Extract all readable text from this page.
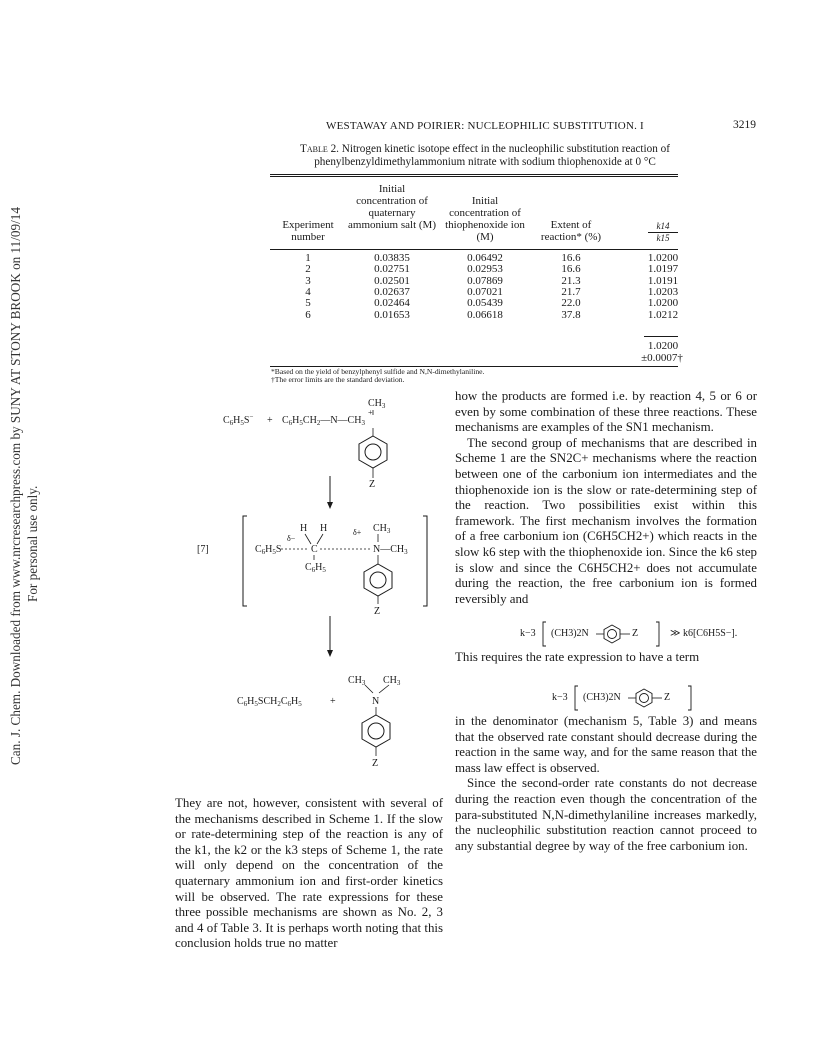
Can. J. Chem. Downloaded from www.nrcresearchpress.com by SUNY AT STONY BROOK on 11/09/14 For personal use only.
WESTAWAY AND POIRIER: NUCLEOPHILIC SUBSTITUTION. I	3219
Table 2. Nitrogen kinetic isotope effect in the nucleophilic substitution reaction of phenylbenzyldimethylammonium nitrate with sodium thiophenoxide at 0 °C
Experiment number
Initial concentration of quaternary ammonium salt (M)
Initial concentration of thiophenoxide ion (M)
Extent of reaction* (%)
k14
k15
1	0.03835	0.06492	16.6	1.0200
2	0.02751	0.02953	16.6	1.0197
3	0.02501	0.07869	21.3	1.0191
4	0.02637	0.07021	21.7	1.0203
5	0.02464	0.05439	22.0	1.0200
6	0.01653	0.06618	37.8	1.0212
1.0200
±0.0007†
*Based on the yield of benzylphenyl sulfide and N,N-dimethylaniline.
†The error limits are the standard deviation.
$C_6H_5S^-$ + $C_6H_5CH_2—N—CH_3$
$CH_3$
+
Z
[7]
H H
δ−
$\delta+ CH_3$
$C_6H_5S$	C	$N—CH_3$
$C_6H_5$
Z
$CH_3$ $CH_3$
$C_6H_5SCH_2C_6H_5$	+	N
Z

They are not, however, consistent with several of the mechanisms described in Scheme 1. If the slow or rate-determining step of the reaction is any of the k1, the k2 or the k3 steps of Scheme 1, the rate will only depend on the concentration of the quaternary ammonium ion and first-order kinetics will be observed. The rate expressions for these three possible mechanisms are shown as No. 2, 3 and 4 of Table 3. It is perhaps worth noting that this conclusion holds true no matter

how the products are formed i.e. by reaction 4, 5 or 6 or even by some combination of these three reactions. These mechanisms are examples of the SN1 mechanism.

The second group of mechanisms that are described in Scheme 1 are the SN2C+ mechanisms where the reaction between one of the carbonium ion intermediates and the thiophenoxide ion is the slow or rate-determining step of the reaction. Two possibilities exist within this framework. The first mechanism involves the formation of a free carbonium ion (C6H5CH2+) which reacts in the slow k6 step with the thiophenoxide ion. Since the k6 step is slow and since the C6H5CH2+ does not accumulate during the reaction, the free carbonium ion is formed reversibly and

k−3 (CH3)2N	Z	≫ k6[C6H5S−].

This requires the rate expression to have a term

k−3 (CH3)2N	Z

in the denominator (mechanism 5, Table 3) and means that the observed rate constant should decrease during the reaction in the same way, and for the same reason that the mass law effect is observed.

Since the second-order rate constants do not decrease during the reaction even though the concentration of the para-substituted N,N-dimethylaniline increases markedly, the nucleophilic substitution reaction cannot proceed to any substantial degree by way of the free carbonium ion.
